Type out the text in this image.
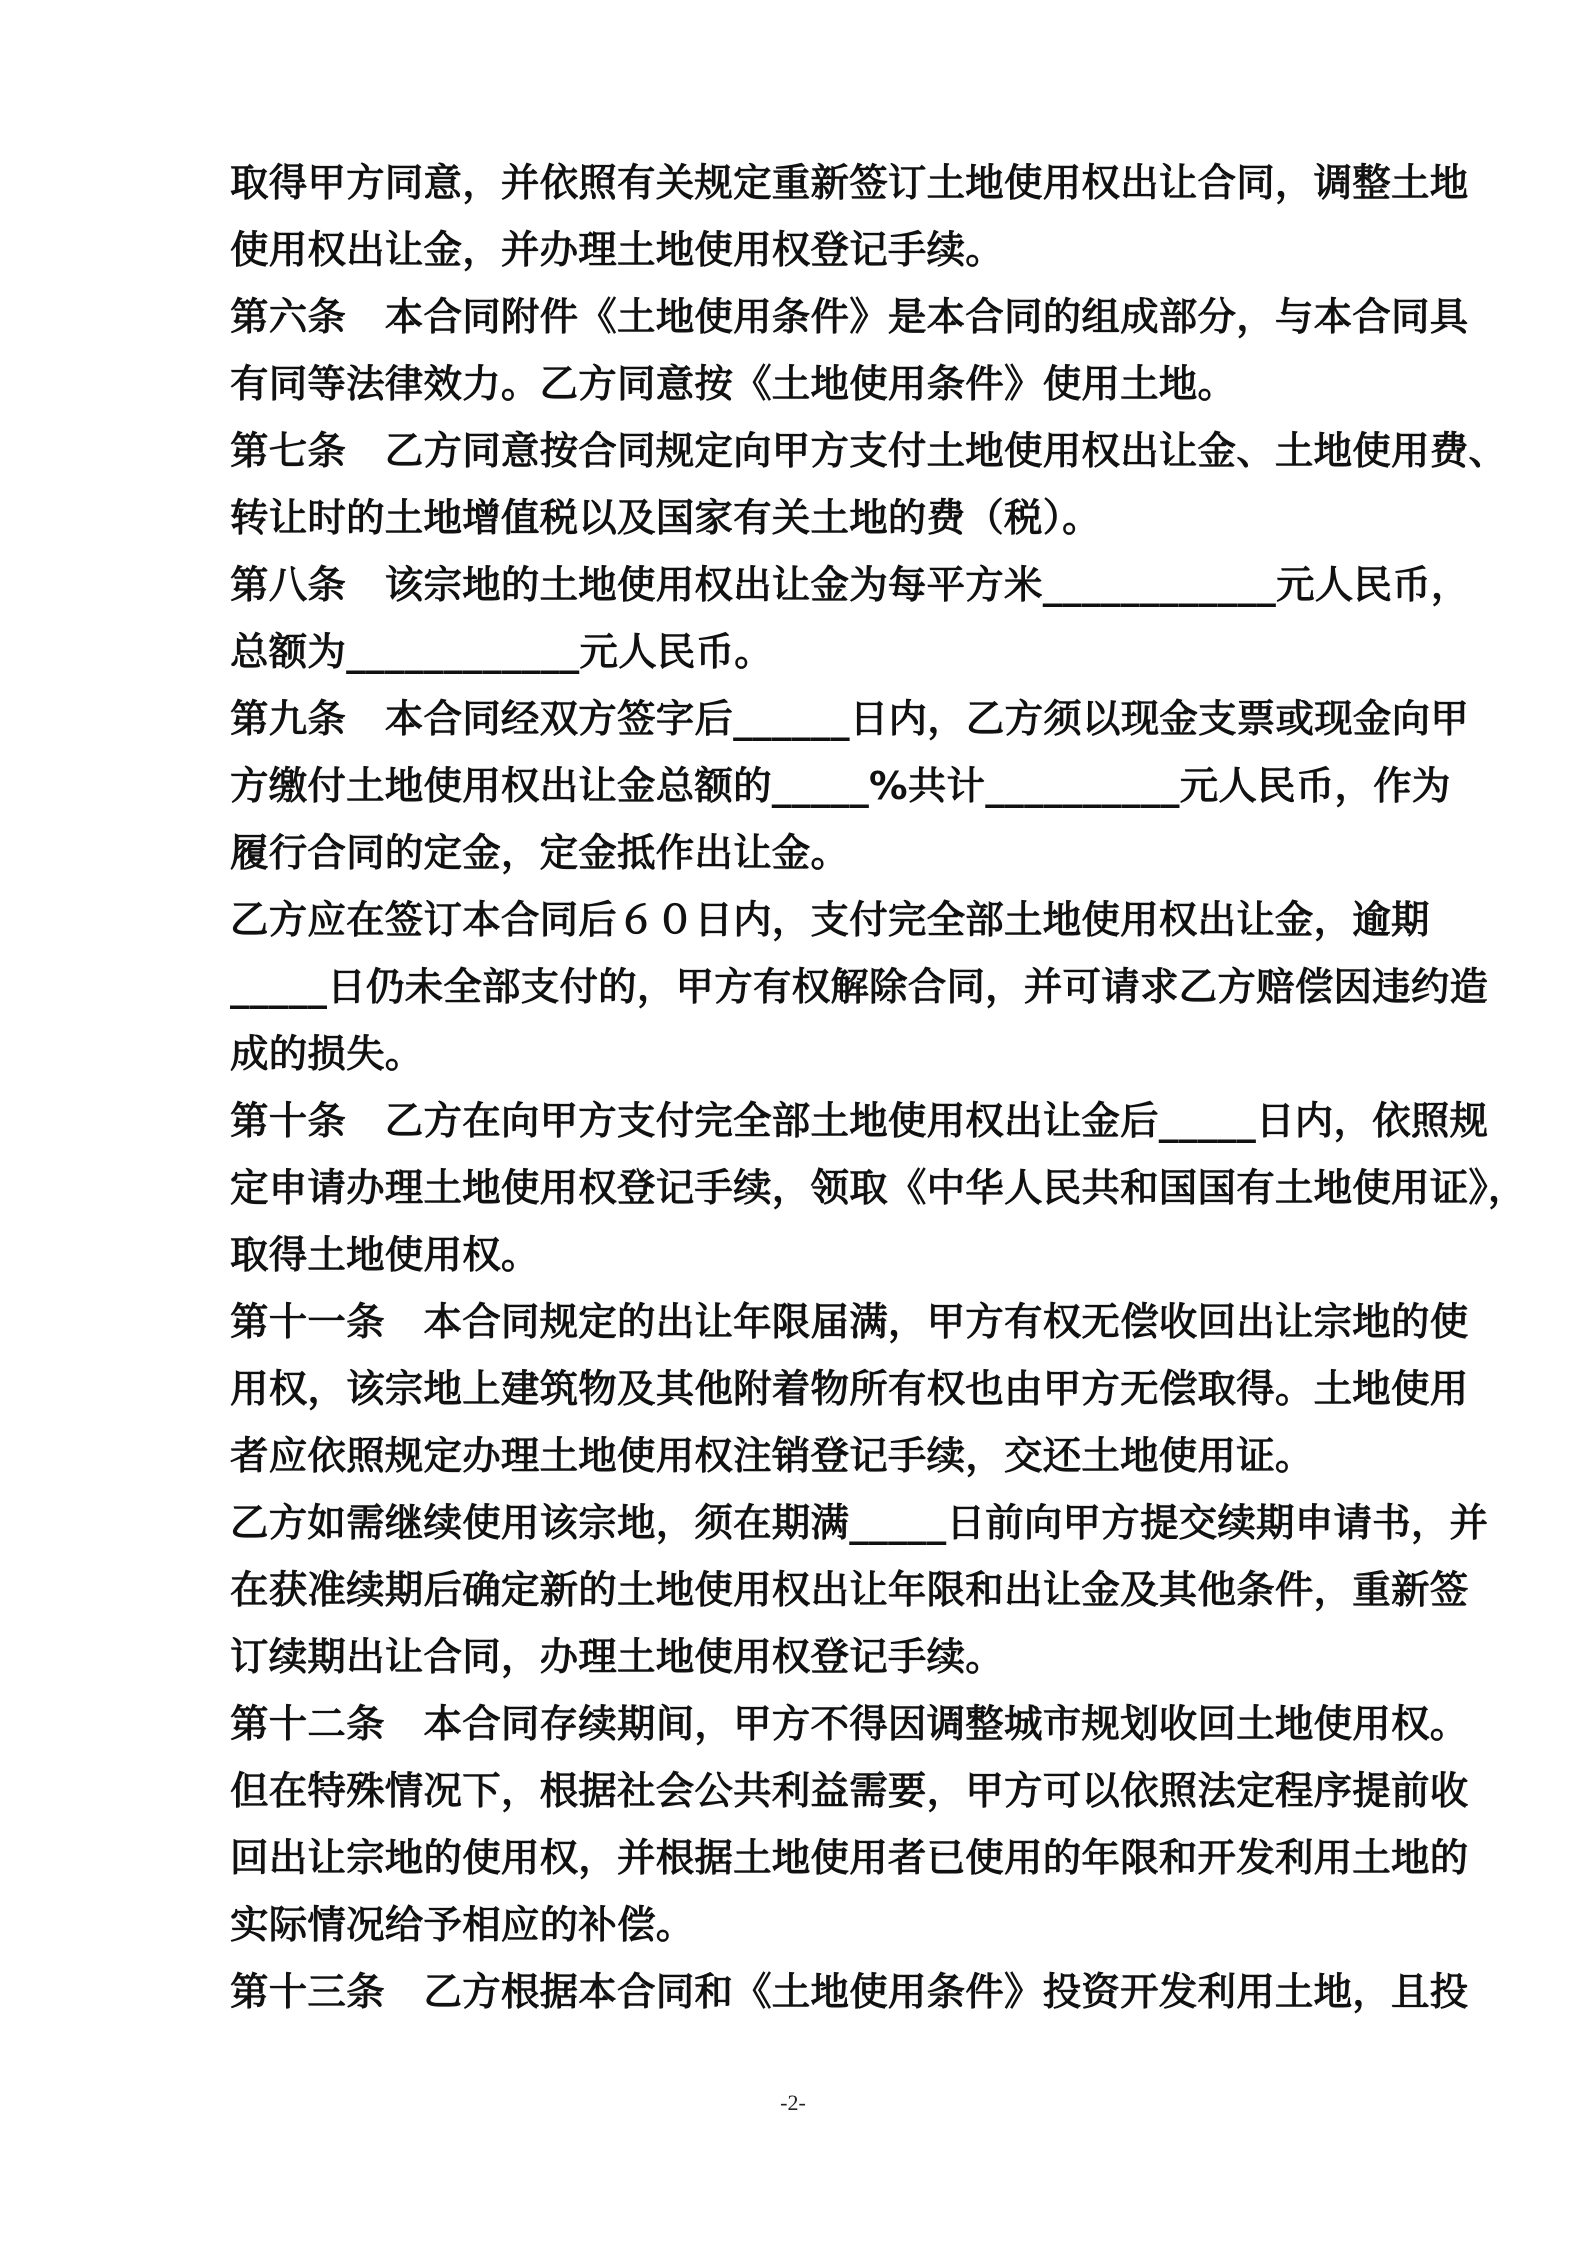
取得甲方同意，并依照有关规定重新签订土地使用权出让合同，调整土地
使用权出让金，并办理土地使用权登记手续。
第六条　本合同附件《土地使用条件》是本合同的组成部分，与本合同具
有同等法律效力。乙方同意按《土地使用条件》使用土地。
第七条　乙方同意按合同规定向甲方支付土地使用权出让金、土地使用费、
转让时的土地增值税以及国家有关土地的费（税）。
第八条　该宗地的土地使用权出让金为每平方米____________元人民币，
总额为____________元人民币。
第九条　本合同经双方签字后______日内，乙方须以现金支票或现金向甲
方缴付土地使用权出让金总额的_____%共计__________元人民币，作为
履行合同的定金，定金抵作出让金。
乙方应在签订本合同后６０日内，支付完全部土地使用权出让金，逾期
_____日仍未全部支付的，甲方有权解除合同，并可请求乙方赔偿因违约造
成的损失。
第十条　乙方在向甲方支付完全部土地使用权出让金后_____日内，依照规
定申请办理土地使用权登记手续，领取《中华人民共和国国有土地使用证》，
取得土地使用权。
第十一条　本合同规定的出让年限届满，甲方有权无偿收回出让宗地的使
用权，该宗地上建筑物及其他附着物所有权也由甲方无偿取得。土地使用
者应依照规定办理土地使用权注销登记手续，交还土地使用证。
乙方如需继续使用该宗地，须在期满_____日前向甲方提交续期申请书，并
在获准续期后确定新的土地使用权出让年限和出让金及其他条件，重新签
订续期出让合同，办理土地使用权登记手续。
第十二条　本合同存续期间，甲方不得因调整城市规划收回土地使用权。
但在特殊情况下，根据社会公共利益需要，甲方可以依照法定程序提前收
回出让宗地的使用权，并根据土地使用者已使用的年限和开发利用土地的
实际情况给予相应的补偿。
第十三条　乙方根据本合同和《土地使用条件》投资开发利用土地，且投
-2-
